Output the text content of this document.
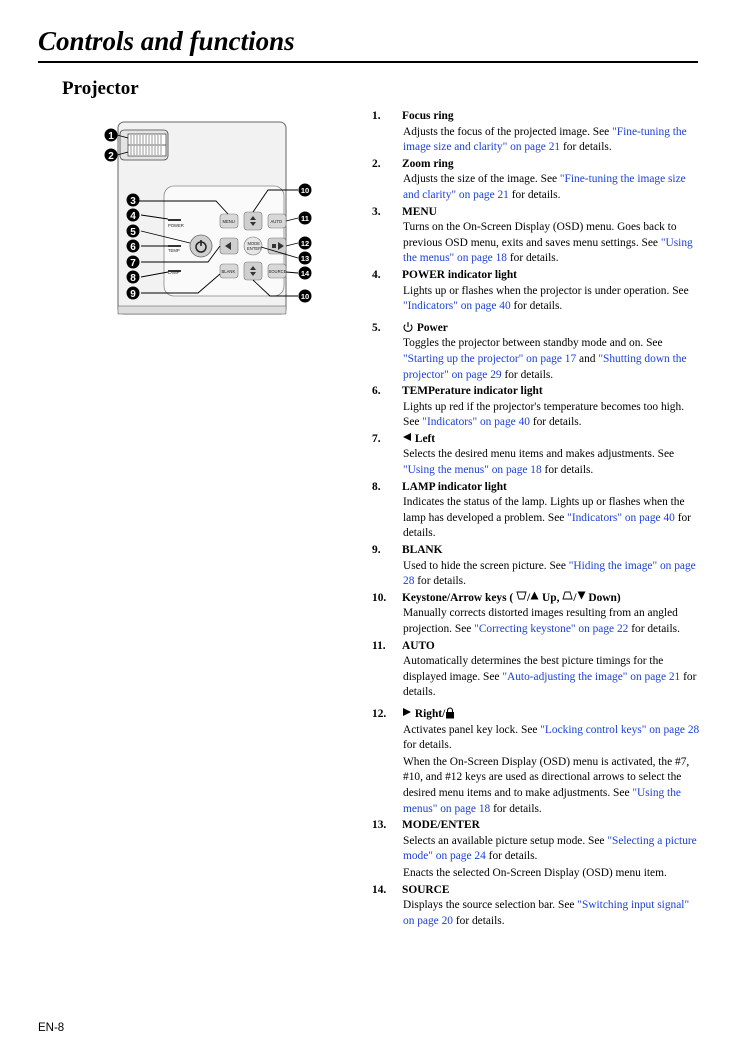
Controls and functions
Projector
POWER
TEMP
LAMP
MENU	AUTO
MODE
ENTER
BLANK	SOURCE
1
2
3
4
5
6
7
8
9
10
11
12
13
14
10
1.	Focus ring

Adjusts the focus of the projected image. See "Fine-tuning the image size and clarity" on page 21 for details.

2.	Zoom ring

Adjusts the size of the image. See "Fine-tuning the image size and clarity" on page 21 for details.

3.	MENU

Turns on the On-Screen Display (OSD) menu. Goes back to previous OSD menu, exits and saves menu settings. See "Using the menus" on page 18 for details.

4.	POWER indicator light

Lights up or flashes when the projector is under operation. See "Indicators" on page 40 for details.

5.
	Power

Toggles the projector between standby mode and on. See "Starting up the projector" on page 17 and "Shutting down the projector" on page 29 for details.

6.	TEMPerature indicator light

Lights up red if the projector's temperature becomes too high. See "Indicators" on page 40 for details.

7.
	Left

Selects the desired menu items and makes adjustments. See "Using the menus" on page 18 for details.

8.	LAMP indicator light

Indicates the status of the lamp. Lights up or flashes when the lamp has developed a problem. See "Indicators" on page 40 for details.

9.	BLANK

Used to hide the screen picture. See "Hiding the image" on page 28 for details.

10.	Keystone/Arrow keys (
/
Up,
/
Down)

Manually corrects distorted images resulting from an angled projection. See "Correcting keystone" on page 22 for details.

11.	AUTO

Automatically determines the best picture timings for the displayed image. See "Auto-adjusting the image" on page 21 for details.

12.
	Right/

Activates panel key lock. See "Locking control keys" on page 28 for details.

When the On-Screen Display (OSD) menu is activated, the #7, #10, and #12 keys are used as directional arrows to select the desired menu items and to make adjustments. See "Using the menus" on page 18 for details.

13.	MODE/ENTER

Selects an available picture setup mode. See "Selecting a picture mode" on page 24 for details.

Enacts the selected On-Screen Display (OSD) menu item.

14.	SOURCE

Displays the source selection bar. See "Switching input signal" on page 20 for details.

EN-8
